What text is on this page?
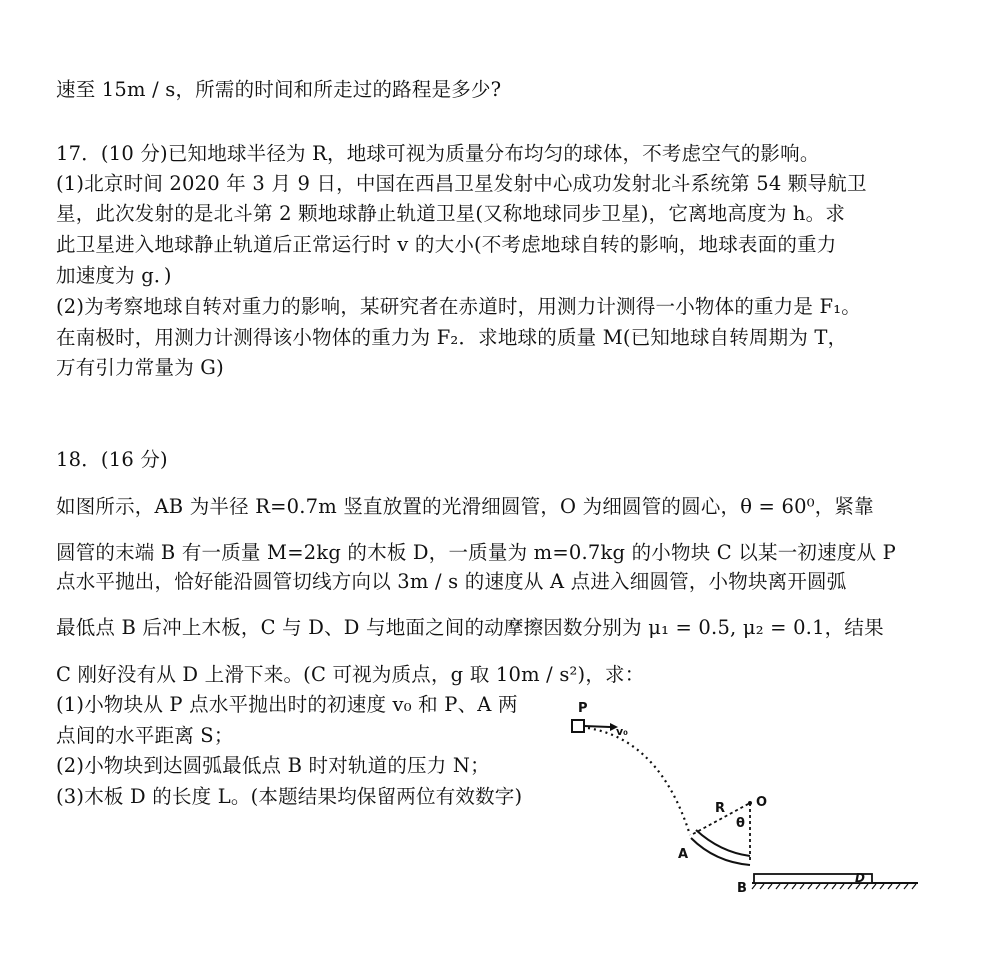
速至 15m / s，所需的时间和所走过的路程是多少?
17．(10 分)已知地球半径为 R，地球可视为质量分布均匀的球体，不考虑空气的影响。
(1)北京时间 2020 年 3 月 9 日，中国在西昌卫星发射中心成功发射北斗系统第 54 颗导航卫
星，此次发射的是北斗第 2 颗地球静止轨道卫星(又称地球同步卫星)，它离地高度为 h。求
此卫星进入地球静止轨道后正常运行时 v 的大小(不考虑地球自转的影响，地球表面的重力
加速度为 g．)
(2)为考察地球自转对重力的影响，某研究者在赤道时，用测力计测得一小物体的重力是 F₁。
在南极时，用测力计测得该小物体的重力为 F₂．求地球的质量 M(已知地球自转周期为 T，
万有引力常量为 G)
18．(16 分)
如图所示，AB 为半径 R=0.7m 竖直放置的光滑细圆管，O 为细圆管的圆心，θ = 60⁰，紧靠
圆管的末端 B 有一质量 M=2kg 的木板 D，一质量为 m=0.7kg 的小物块 C 以某一初速度从 P
点水平抛出，恰好能沿圆管切线方向以 3m / s 的速度从 A 点进入细圆管，小物块离开圆弧
最低点 B 后冲上木板，C 与 D、D 与地面之间的动摩擦因数分别为 μ₁ = 0.5, μ₂ = 0.1，结果
C 刚好没有从 D 上滑下来。(C 可视为质点，g 取 10m / s²)，求：
(1)小物块从 P 点水平抛出时的初速度 v₀ 和 P、A 两
点间的水平距离 S；
(2)小物块到达圆弧最低点 B 时对轨道的压力 N；
(3)木板 D 的长度 L。(本题结果均保留两位有效数字)
P
v₀
R O
θ
A
D
B
